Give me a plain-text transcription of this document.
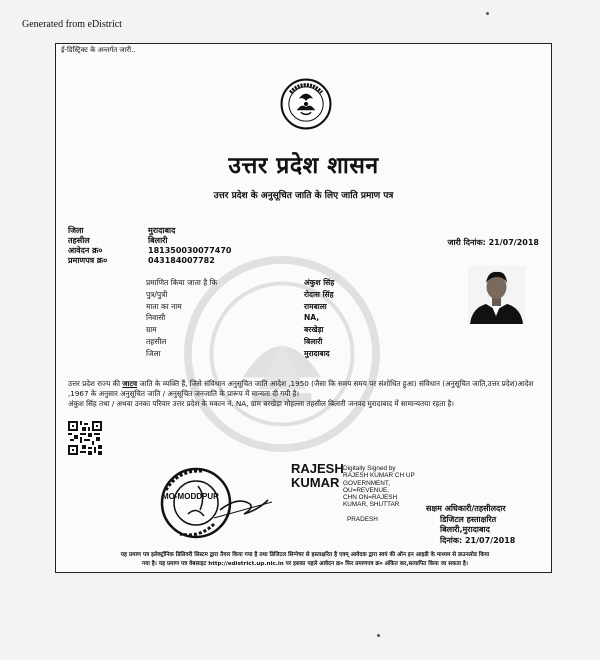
Generated from eDistrict
ई-डिस्ट्रिक्ट के अन्तर्गत जारी..
उत्तर प्रदेश शासन
उत्तर प्रदेश के अनुसूचित जाति के लिए जाति प्रमाण पत्र
जिला	मुरादाबाद
तहसील	बिलारी
आवेदन क्र०	181350030077470
प्रमाणपत्र क्र०	043184007782
जारी दिनांक: 21/07/2018
प्रमाणित किया जाता है कि	अंकुश सिंह
पुत्र/पुत्री	रोदास सिंह
माता का नाम	रामबाला
निवासी	NA,
ग्राम	बरखेड़ा
तहसील	बिलारी
जिला	मुरादाबाद
उत्तर प्रदेश राज्य की जाटव जाति के व्यक्ति हैं, जिसे संविधान अनुसूचित जाति आदेश ,1950 (जैसा कि समय समय पर संशोधित हुआ) संविधान (अनुसूचित जाति,उत्तर प्रदेश)आदेश ,1967 के अनुसार अनुसूचित जाति / अनुसूचित जनजाति के प्रारूप में मान्यता दी गयी है।
अंकुश सिंह तथा / अथवा उनका परिवार उत्तर प्रदेश के मकान नं. NA, ग्राम बरखेड़ा मोहल्ला तहसील बिलारी जनपद मुरादाबाद में सामान्यतया रहता है।
MO-MODDPUR
RAJESH
KUMAR
Digitally Signed by
RAJESH KUMAR CH UP
GOVERNMENT,
OU=REVENUE,
CHN ON=RAJESH
KUMAR, SHUTTAR
PRADESH
सक्षम अधिकारी/तहसीलदार
डिजिटल हस्ताक्षरित
बिलारी,मुरादाबाद
दिनांक: 21/07/2018
यह प्रमाण पत्र इलेक्ट्रॉनिक डिलिवरी सिस्टम द्वारा तैयार किया गया है तथा डिजिटल सिग्नेचर से हस्ताक्षरित है एवम् आवेदक द्वारा स्वयं की ऑन इन आइडी के माध्यम से डाउनलोड किया
गया है। यह प्रमाण पत्र वेबसाइट http://edistrict.up.nic.in पर इसका पहले आवेदन क्र० फिर प्रमाणपत्र क्र० अंकित कर,सत्यापित किया जा सकता है।
